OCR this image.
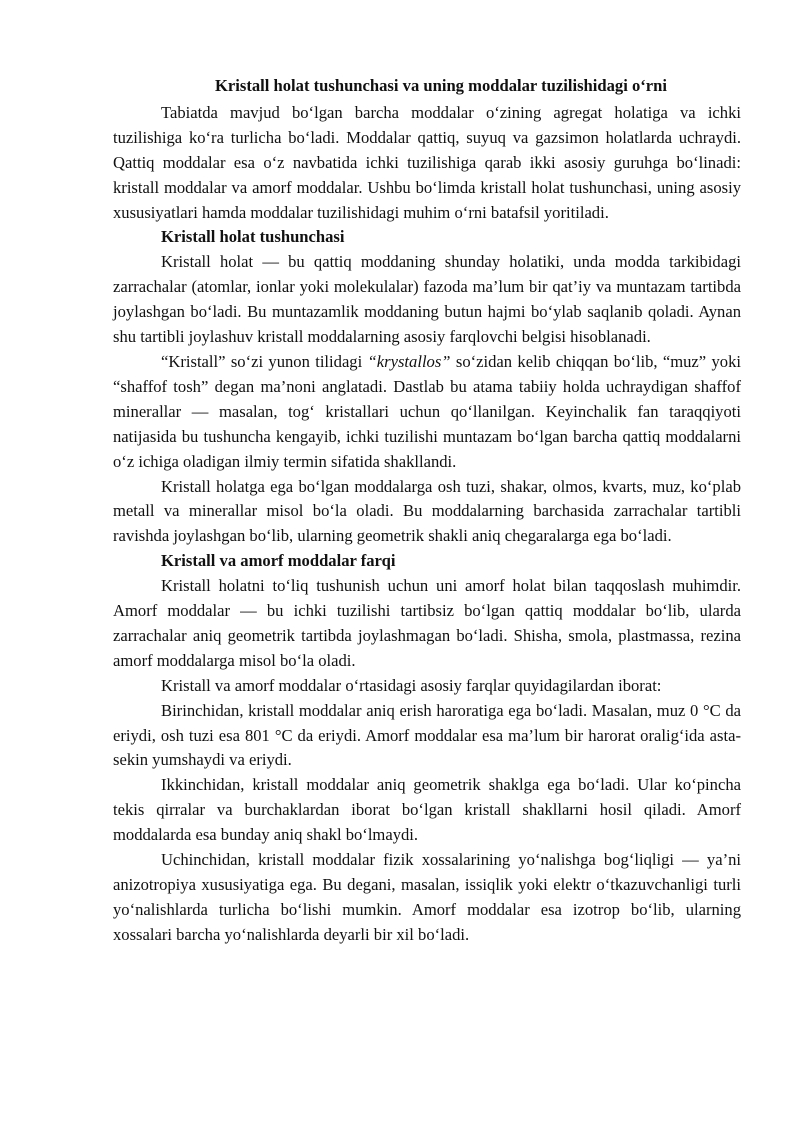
Kristall holat tushunchasi va uning moddalar tuzilishidagi o‘rni

Tabiatda mavjud bo‘lgan barcha moddalar o‘zining agregat holatiga va ichki tuzilishiga ko‘ra turlicha bo‘ladi. Moddalar qattiq, suyuq va gazsimon holatlarda uchraydi. Qattiq moddalar esa o‘z navbatida ichki tuzilishiga qarab ikki asosiy guruhga bo‘linadi: kristall moddalar va amorf moddalar. Ushbu bo‘limda kristall holat tushunchasi, uning asosiy xususiyatlari hamda moddalar tuzilishidagi muhim o‘rni batafsil yoritiladi.

Kristall holat tushunchasi

Kristall holat — bu qattiq moddaning shunday holatiki, unda modda tarkibidagi zarrachalar (atomlar, ionlar yoki molekulalar) fazoda ma’lum bir qat’iy va muntazam tartibda joylashgan bo‘ladi. Bu muntazamlik moddaning butun hajmi bo‘ylab saqlanib qoladi. Aynan shu tartibli joylashuv kristall moddalarning asosiy farqlovchi belgisi hisoblanadi.

“Kristall” so‘zi yunon tilidagi “krystallos” so‘zidan kelib chiqqan bo‘lib, “muz” yoki “shaffof tosh” degan ma’noni anglatadi. Dastlab bu atama tabiiy holda uchraydigan shaffof minerallar — masalan, tog‘ kristallari uchun qo‘llanilgan. Keyinchalik fan taraqqiyoti natijasida bu tushuncha kengayib, ichki tuzilishi muntazam bo‘lgan barcha qattiq moddalarni o‘z ichiga oladigan ilmiy termin sifatida shakllandi.

Kristall holatga ega bo‘lgan moddalarga osh tuzi, shakar, olmos, kvarts, muz, ko‘plab metall va minerallar misol bo‘la oladi. Bu moddalarning barchasida zarrachalar tartibli ravishda joylashgan bo‘lib, ularning geometrik shakli aniq chegaralarga ega bo‘ladi.

Kristall va amorf moddalar farqi

Kristall holatni to‘liq tushunish uchun uni amorf holat bilan taqqoslash muhimdir. Amorf moddalar — bu ichki tuzilishi tartibsiz bo‘lgan qattiq moddalar bo‘lib, ularda zarrachalar aniq geometrik tartibda joylashmagan bo‘ladi. Shisha, smola, plastmassa, rezina amorf moddalarga misol bo‘la oladi.

Kristall va amorf moddalar o‘rtasidagi asosiy farqlar quyidagilardan iborat:

Birinchidan, kristall moddalar aniq erish haroratiga ega bo‘ladi. Masalan, muz 0 °C da eriydi, osh tuzi esa 801 °C da eriydi. Amorf moddalar esa ma’lum bir harorat oralig‘ida asta-sekin yumshaydi va eriydi.

Ikkinchidan, kristall moddalar aniq geometrik shaklga ega bo‘ladi. Ular ko‘pincha tekis qirralar va burchaklardan iborat bo‘lgan kristall shakllarni hosil qiladi. Amorf moddalarda esa bunday aniq shakl bo‘lmaydi.

Uchinchidan, kristall moddalar fizik xossalarining yo‘nalishga bog‘liqligi — ya’ni anizotropiya xususiyatiga ega. Bu degani, masalan, issiqlik yoki elektr o‘tkazuvchanligi turli yo‘nalishlarda turlicha bo‘lishi mumkin. Amorf moddalar esa izotrop bo‘lib, ularning xossalari barcha yo‘nalishlarda deyarli bir xil bo‘ladi.
